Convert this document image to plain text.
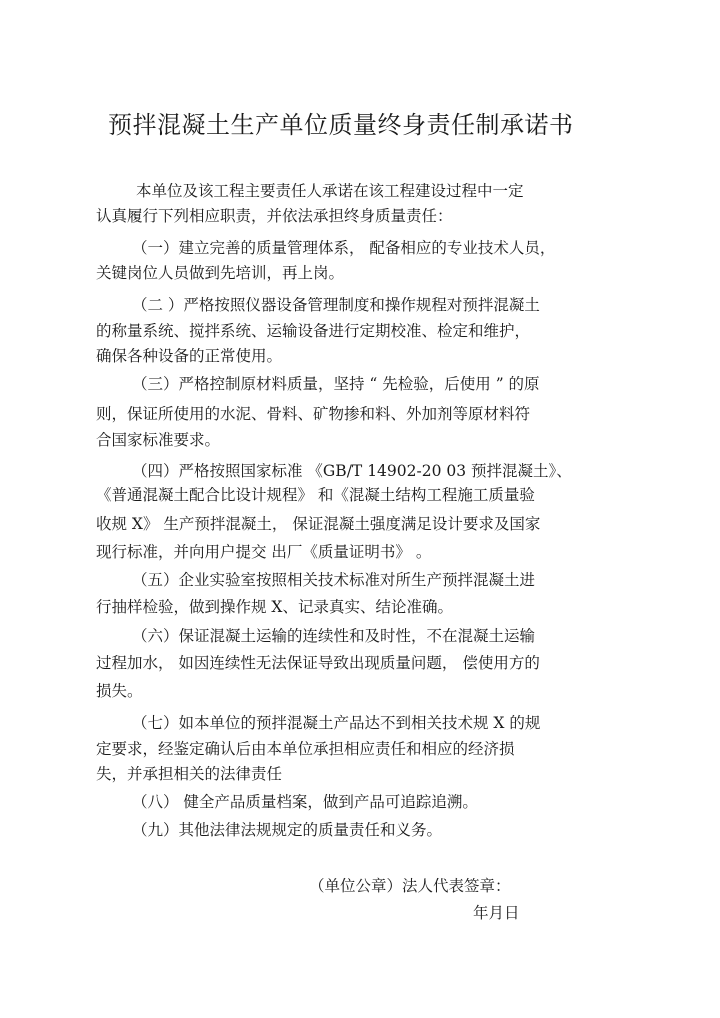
预拌混凝土生产单位质量终身责任制承诺书
本单位及该工程主要责任人承诺在该工程建设过程中一定
认真履行下列相应职责，并依法承担终身质量责任：
（一）建立完善的质量管理体系， 配备相应的专业技术人员，
关键岗位人员做到先培训，再上岗。
（二 ）严格按照仪器设备管理制度和操作规程对预拌混凝土
的称量系统、搅拌系统、运输设备进行定期校准、检定和维护，
确保各种设备的正常使用。
（三）严格控制原材料质量，坚持 “ 先检验，后使用 ” 的原
则，保证所使用的水泥、骨料、矿物掺和料、外加剂等原材料符
合国家标准要求。
（四）严格按照国家标准 《GB/T 14902-20 03 预拌混凝土》、
《普通混凝土配合比设计规程》 和《混凝土结构工程施工质量验
收规 X》 生产预拌混凝土， 保证混凝土强度满足设计要求及国家
现行标准，并向用户提交 出厂《质量证明书》 。
（五）企业实验室按照相关技术标准对所生产预拌混凝土进
行抽样检验，做到操作规 X、记录真实、结论准确。
（六）保证混凝土运输的连续性和及时性，不在混凝土运输
过程加水， 如因连续性无法保证导致出现质量问题， 偿使用方的
损失。
（七）如本单位的预拌混凝土产品达不到相关技术规 X 的规
定要求，经鉴定确认后由本单位承担相应责任和相应的经济损
失，并承担相关的法律责任
（八） 健全产品质量档案，做到产品可追踪追溯。
（九）其他法律法规规定的质量责任和义务。
（单位公章）法人代表签章：
年月日
